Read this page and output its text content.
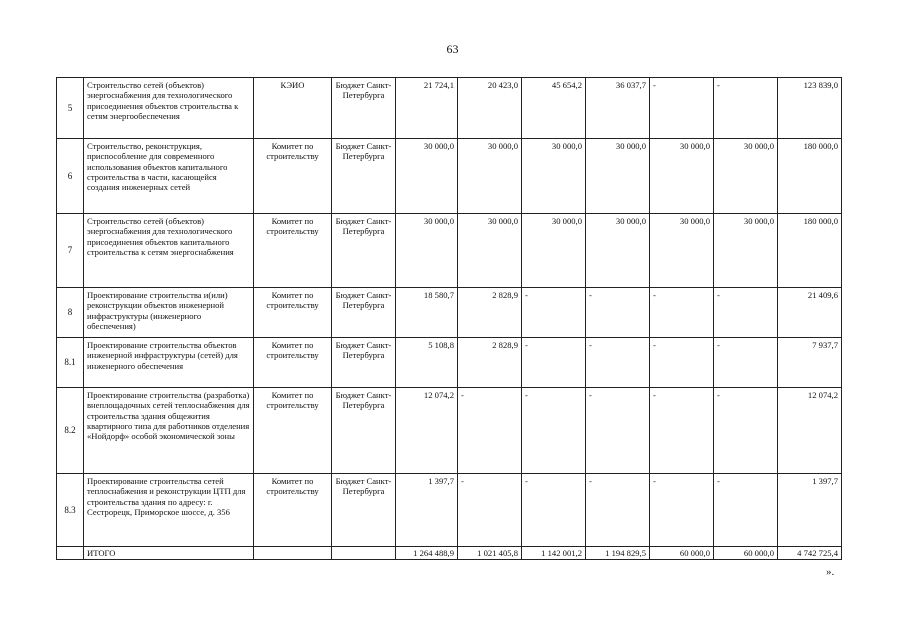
63
5	Строительство сетей (объектов) энергоснабжения для технологического присоединения объектов строительства к сетям энергообеспечения	КЭИО	Бюджет Санкт-Петербурга	21 724,1	20 423,0	45 654,2	36 037,7	-	-	123 839,0
6	Строительство, реконструкция, приспособление для современного использования объектов капитального строительства в части, касающейся создания инженерных сетей	Комитет по строительству	Бюджет Санкт-Петербурга	30 000,0	30 000,0	30 000,0	30 000,0	30 000,0	30 000,0	180 000,0
7	Строительство сетей (объектов) энергоснабжения для технологического присоединения объектов капитального строительства к сетям энергоснабжения	Комитет по строительству	Бюджет Санкт-Петербурга	30 000,0	30 000,0	30 000,0	30 000,0	30 000,0	30 000,0	180 000,0
8	Проектирование строительства и(или) реконструкции объектов инженерной инфраструктуры (инженерного обеспечения)	Комитет по строительству	Бюджет Санкт-Петербурга	18 580,7	2 828,9	-	-	-	-	21 409,6
8.1	Проектирование строительства объектов инженерной инфраструктуры (сетей) для инженерного обеспечения	Комитет по строительству	Бюджет Санкт-Петербурга	5 108,8	2 828,9	-	-	-	-	7 937,7
8.2	Проектирование строительства (разработка) внеплощадочных сетей теплоснабжения для строительства здания общежития квартирного типа для работников отделения «Нойдорф» особой экономической зоны	Комитет по строительству	Бюджет Санкт-Петербурга	12 074,2	-	-	-	-	-	12 074,2
8.3	Проектирование строительства сетей теплоснабжения и реконструкции ЦТП для строительства здания по адресу: г. Сестрорецк, Приморское шоссе, д. 356	Комитет по строительству	Бюджет Санкт-Петербурга	1 397,7	-	-	-	-	-	1 397,7
	ИТОГО			1 264 488,9	1 021 405,8	1 142 001,2	1 194 829,5	60 000,0	60 000,0	4 742 725,4
».
